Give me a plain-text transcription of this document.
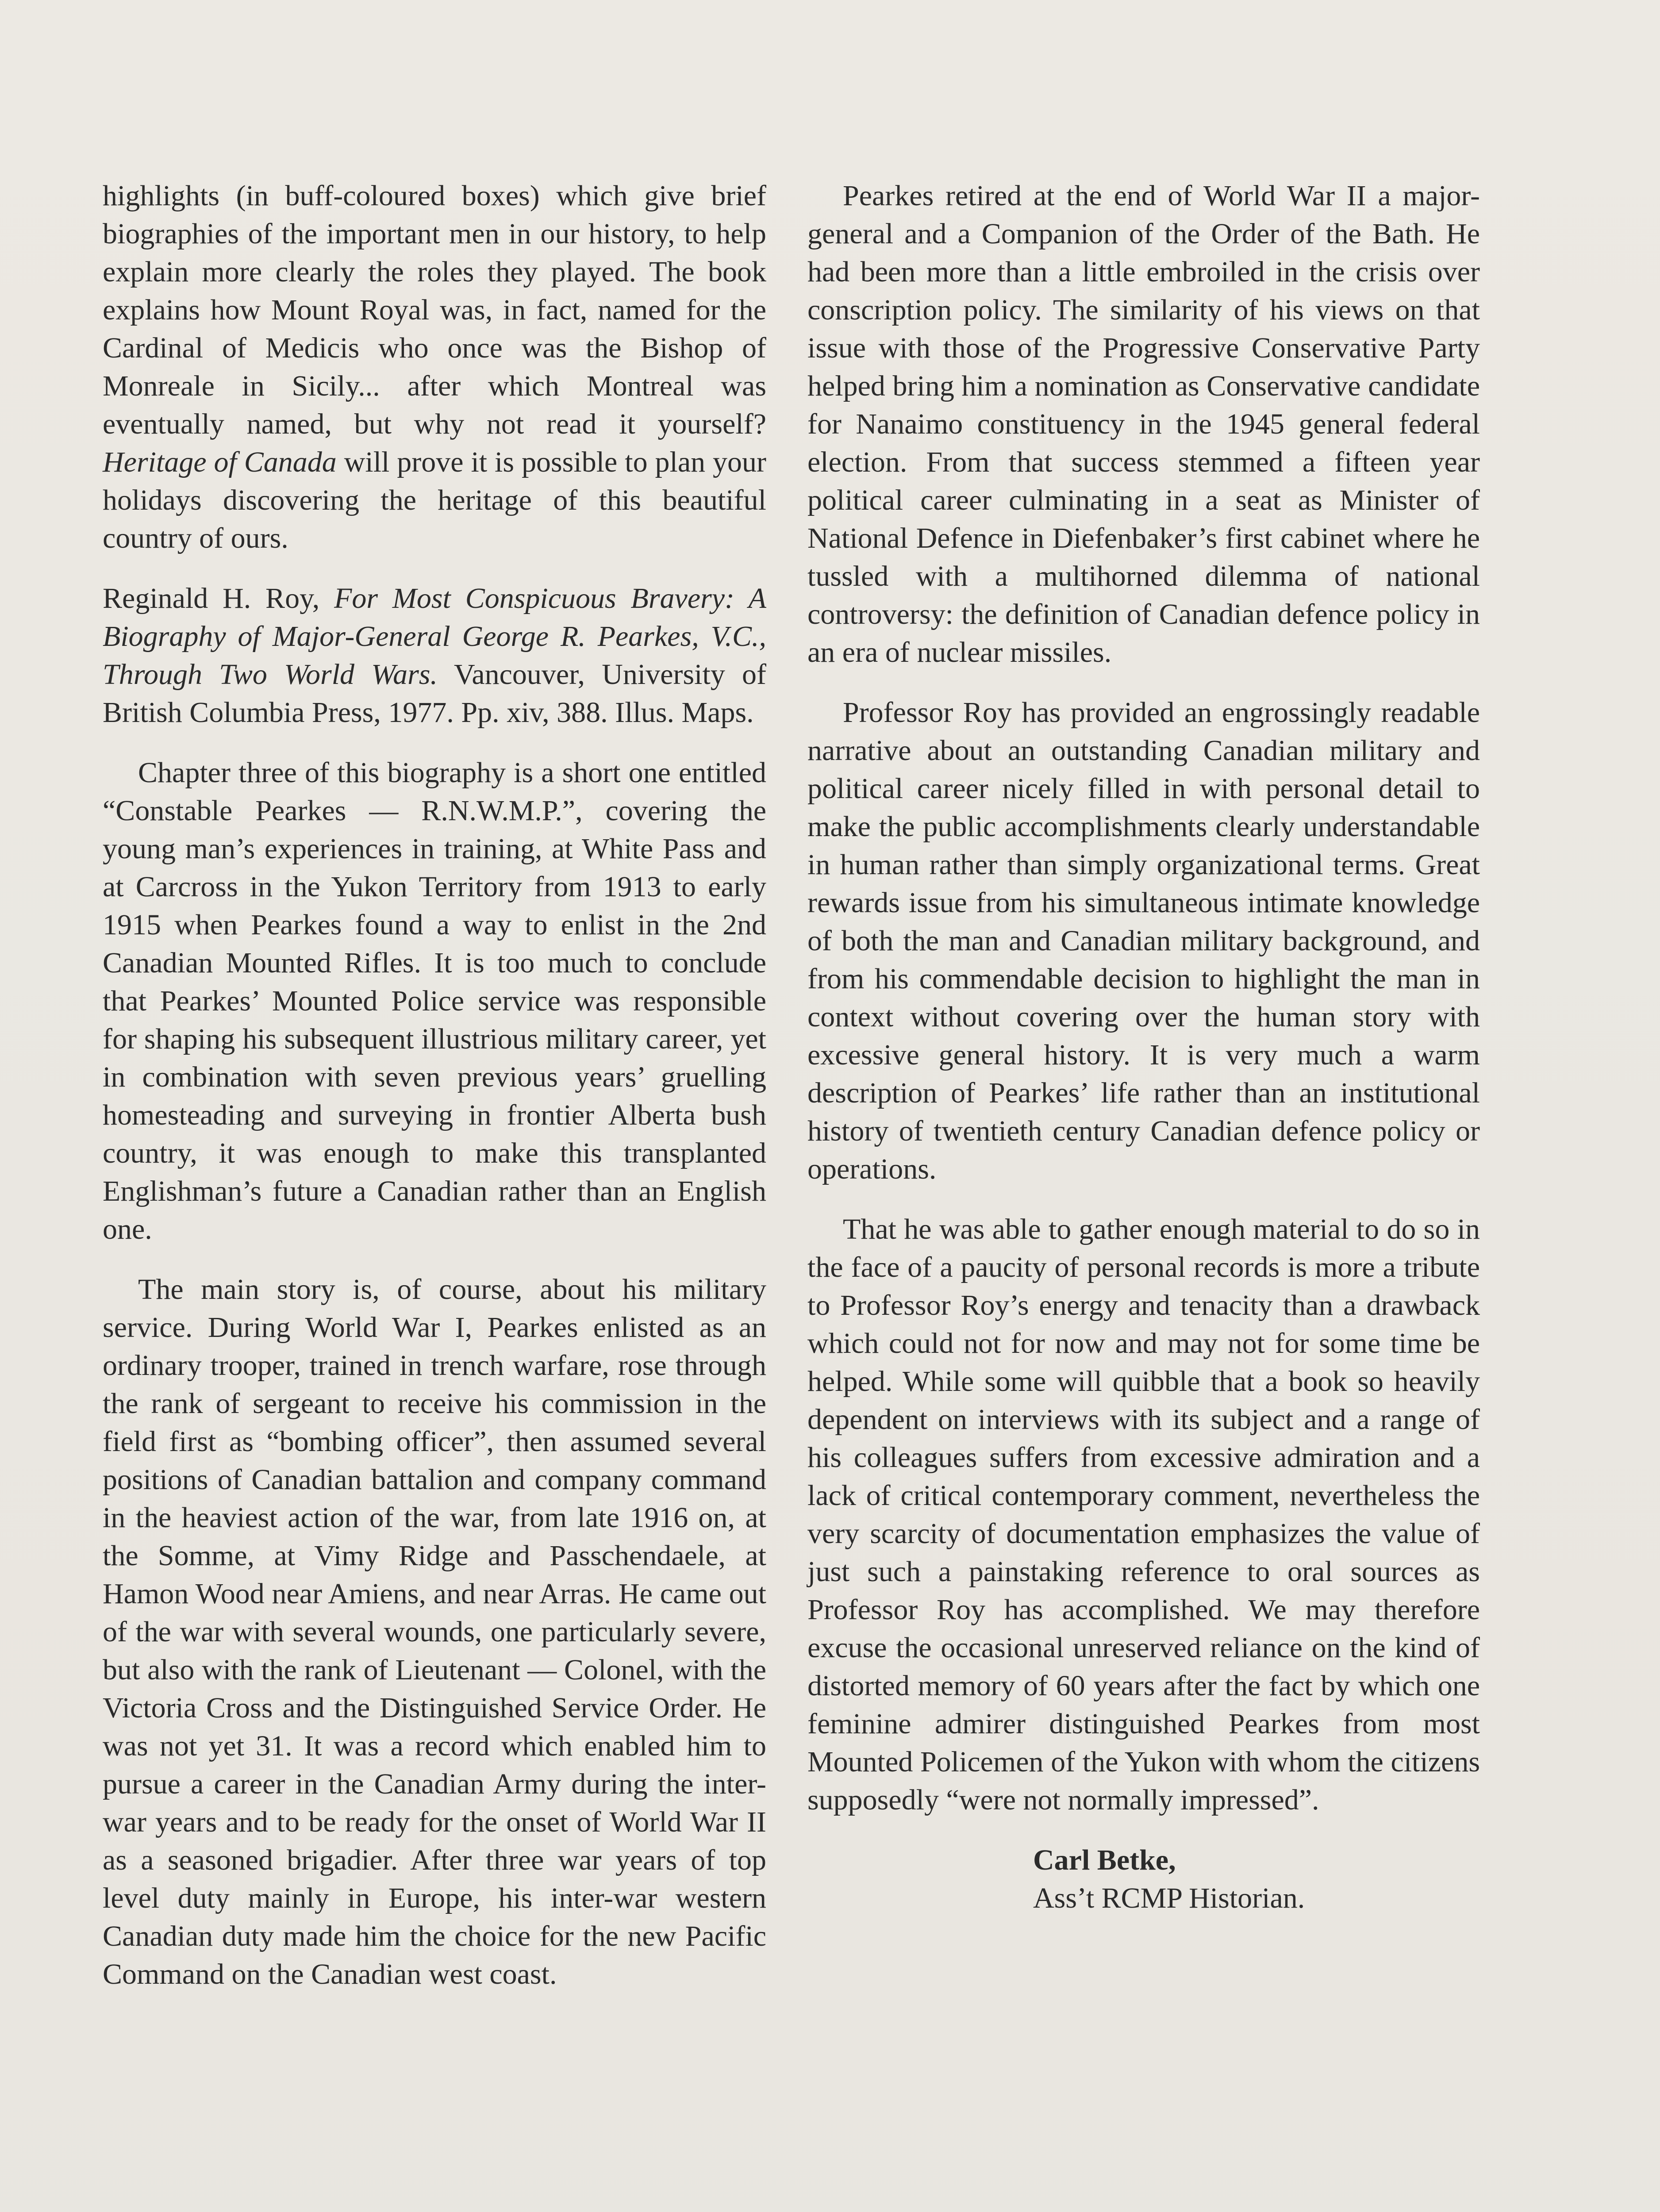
highlights (in buff-coloured boxes) which give brief biographies of the important men in our history, to help explain more clearly the roles they played. The book explains how Mount Royal was, in fact, named for the Cardinal of Medicis who once was the Bishop of Monreale in Sicily... after which Montreal was eventually named, but why not read it yourself? Heritage of Canada will prove it is possible to plan your holidays discovering the heritage of this beautiful country of ours.

Reginald H. Roy, For Most Conspicuous Bravery: A Biography of Major-General George R. Pearkes, V.C., Through Two World Wars. Vancouver, University of British Columbia Press, 1977. Pp. xiv, 388. Illus. Maps.

Chapter three of this biography is a short one entitled “Constable Pearkes — R.N.W.M.P.”, covering the young man’s experiences in training, at White Pass and at Carcross in the Yukon Territory from 1913 to early 1915 when Pearkes found a way to enlist in the 2nd Canadian Mounted Rifles. It is too much to conclude that Pearkes’ Mounted Police service was responsible for shaping his subsequent illustrious military career, yet in combination with seven previous years’ gruelling homesteading and surveying in frontier Alberta bush country, it was enough to make this transplanted Englishman’s future a Canadian rather than an English one.

The main story is, of course, about his military service. During World War I, Pearkes enlisted as an ordinary trooper, trained in trench warfare, rose through the rank of sergeant to receive his commission in the field first as “bombing officer”, then assumed several positions of Canadian battalion and company command in the heaviest action of the war, from late 1916 on, at the Somme, at Vimy Ridge and Passchendaele, at Hamon Wood near Amiens, and near Arras. He came out of the war with several wounds, one particularly severe, but also with the rank of Lieutenant — Colonel, with the Victoria Cross and the Distinguished Service Order. He was not yet 31. It was a record which enabled him to pursue a career in the Canadian Army during the inter-war years and to be ready for the onset of World War II as a seasoned brigadier. After three war years of top level duty mainly in Europe, his inter-war western Canadian duty made him the choice for the new Pacific Command on the Canadian west coast.

Pearkes retired at the end of World War II a major-general and a Companion of the Order of the Bath. He had been more than a little embroiled in the crisis over conscription policy. The similarity of his views on that issue with those of the Progressive Conservative Party helped bring him a nomination as Conservative candidate for Nanaimo constituency in the 1945 general federal election. From that success stemmed a fifteen year political career culminating in a seat as Minister of National Defence in Diefenbaker’s first cabinet where he tussled with a multihorned dilemma of national controversy: the definition of Canadian defence policy in an era of nuclear missiles.

Professor Roy has provided an engrossingly readable narrative about an outstanding Canadian military and political career nicely filled in with personal detail to make the public accomplishments clearly understandable in human rather than simply organizational terms. Great rewards issue from his simultaneous intimate knowledge of both the man and Canadian military background, and from his commendable decision to highlight the man in context without covering over the human story with excessive general history. It is very much a warm description of Pearkes’ life rather than an institutional history of twentieth century Canadian defence policy or operations.

That he was able to gather enough material to do so in the face of a paucity of personal records is more a tribute to Professor Roy’s energy and tenacity than a drawback which could not for now and may not for some time be helped. While some will quibble that a book so heavily dependent on interviews with its subject and a range of his colleagues suffers from excessive admiration and a lack of critical contemporary comment, nevertheless the very scarcity of documentation emphasizes the value of just such a painstaking reference to oral sources as Professor Roy has accomplished. We may therefore excuse the occasional unreserved reliance on the kind of distorted memory of 60 years after the fact by which one feminine admirer distinguished Pearkes from most Mounted Policemen of the Yukon with whom the citizens supposedly “were not normally impressed”.

Carl Betke,
Ass’t RCMP Historian.
